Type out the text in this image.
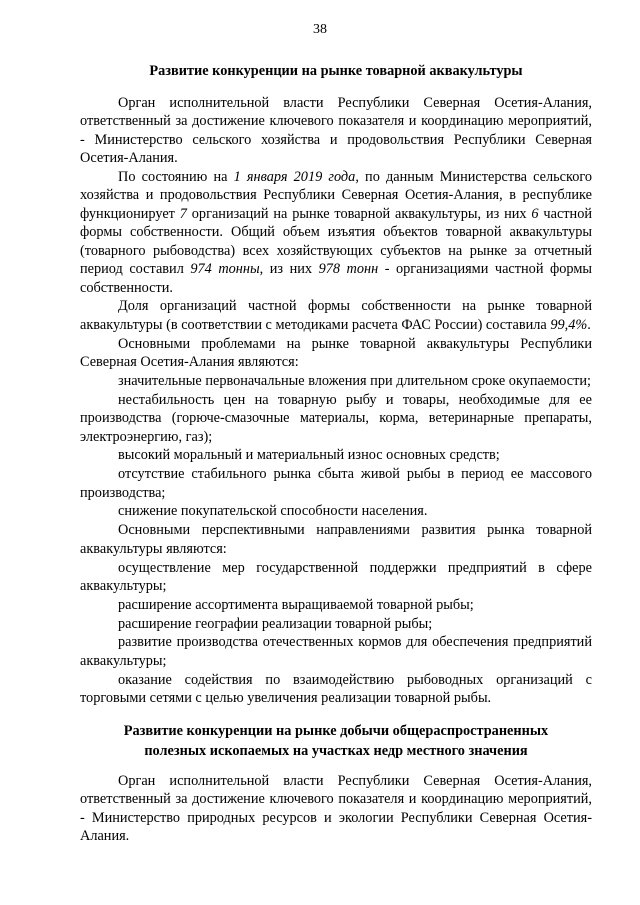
38
Развитие конкуренции на рынке товарной аквакультуры

Орган исполнительной власти Республики Северная Осетия-Алания, ответственный за достижение ключевого показателя и координацию мероприятий, - Министерство сельского хозяйства и продовольствия Республики Северная Осетия-Алания.

По состоянию на 1 января 2019 года, по данным Министерства сельского хозяйства и продовольствия Республики Северная Осетия-Алания, в республике функционирует 7 организаций на рынке товарной аквакультуры, из них 6 частной формы собственности. Общий объем изъятия объектов товарной аквакультуры (товарного рыбоводства) всех хозяйствующих субъектов на рынке за отчетный период составил 974 тонны, из них 978 тонн - организациями частной формы собственности.

Доля организаций частной формы собственности на рынке товарной аквакультуры (в соответствии с методиками расчета ФАС России) составила 99,4%.

Основными проблемами на рынке товарной аквакультуры Республики Северная Осетия-Алания являются:

значительные первоначальные вложения при длительном сроке окупаемости;

нестабильность цен на товарную рыбу и товары, необходимые для ее производства (горюче-смазочные материалы, корма, ветеринарные препараты, электроэнергию, газ);

высокий моральный и материальный износ основных средств;

отсутствие стабильного рынка сбыта живой рыбы в период ее массового производства;

снижение покупательской способности населения.

Основными перспективными направлениями развития рынка товарной аквакультуры являются:

осуществление мер государственной поддержки предприятий в сфере аквакультуры;

расширение ассортимента выращиваемой товарной рыбы;

расширение географии реализации товарной рыбы;

развитие производства отечественных кормов для обеспечения предприятий аквакультуры;

оказание содействия по взаимодействию рыбоводных организаций с торговыми сетями с целью увеличения реализации товарной рыбы.

Развитие конкуренции на рынке добычи общераспространенных
полезных ископаемых на участках недр местного значения

Орган исполнительной власти Республики Северная Осетия-Алания, ответственный за достижение ключевого показателя и координацию мероприятий, - Министерство природных ресурсов и экологии Республики Северная Осетия-Алания.
